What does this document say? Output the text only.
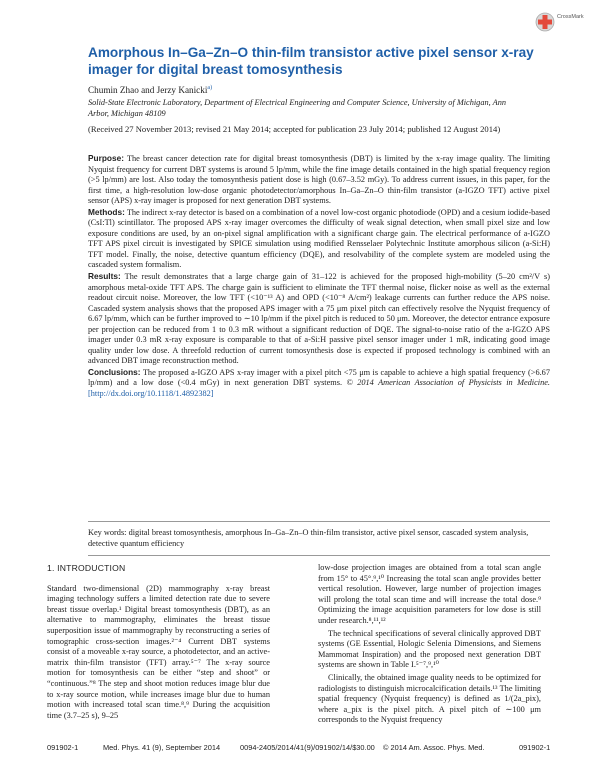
CrossMark
Amorphous In–Ga–Zn–O thin-film transistor active pixel sensor x-ray imager for digital breast tomosynthesis

Chumin Zhao and Jerzy Kanicki$^{a)}$

Solid-State Electronic Laboratory, Department of Electrical Engineering and Computer Science, University of Michigan, Ann Arbor, Michigan 48109

(Received 27 November 2013; revised 21 May 2014; accepted for publication 23 July 2014; published 12 August 2014)

Purpose: The breast cancer detection rate for digital breast tomosynthesis (DBT) is limited by the x-ray image quality. The limiting Nyquist frequency for current DBT systems is around 5 lp/mm, while the fine image details contained in the high spatial frequency region (>5 lp/mm) are lost. Also today the tomosynthesis patient dose is high (0.67–3.52 mGy). To address current issues, in this paper, for the first time, a high-resolution low-dose organic photodetector/amorphous In–Ga–Zn–O thin-film transistor (a-IGZO TFT) active pixel sensor (APS) x-ray imager is proposed for next generation DBT systems.

Methods: The indirect x-ray detector is based on a combination of a novel low-cost organic photodiode (OPD) and a cesium iodide-based (CsI:Tl) scintillator. The proposed APS x-ray imager overcomes the difficulty of weak signal detection, when small pixel size and low exposure conditions are used, by an on-pixel signal amplification with a significant charge gain. The electrical performance of a-IGZO TFT APS pixel circuit is investigated by SPICE simulation using modified Rensselaer Polytechnic Institute amorphous silicon (a-Si:H) TFT model. Finally, the noise, detective quantum efficiency (DQE), and resolvability of the complete system are modeled using the cascaded system formalism.

Results: The result demonstrates that a large charge gain of 31–122 is achieved for the proposed high-mobility (5–20 cm²/V s) amorphous metal-oxide TFT APS. The charge gain is sufficient to eliminate the TFT thermal noise, flicker noise as well as the external readout circuit noise. Moreover, the low TFT (<10⁻¹³ A) and OPD (<10⁻⁸ A/cm²) leakage currents can further reduce the APS noise. Cascaded system analysis shows that the proposed APS imager with a 75 μm pixel pitch can effectively resolve the Nyquist frequency of 6.67 lp/mm, which can be further improved to ∼10 lp/mm if the pixel pitch is reduced to 50 μm. Moreover, the detector entrance exposure per projection can be reduced from 1 to 0.3 mR without a significant reduction of DQE. The signal-to-noise ratio of the a-IGZO APS imager under 0.3 mR x-ray exposure is comparable to that of a-Si:H passive pixel sensor imager under 1 mR, indicating good image quality under low dose. A threefold reduction of current tomosynthesis dose is expected if proposed technology is combined with an advanced DBT image reconstruction method.

Conclusions: The proposed a-IGZO APS x-ray imager with a pixel pitch <75 μm is capable to achieve a high spatial frequency (>6.67 lp/mm) and a low dose (<0.4 mGy) in next generation DBT systems. © 2014 American Association of Physicists in Medicine. [http://dx.doi.org/10.1118/1.4892382]

Key words: digital breast tomosynthesis, amorphous In–Ga–Zn–O thin-film transistor, active pixel sensor, cascaded system analysis, detective quantum efficiency

1. INTRODUCTION

Standard two-dimensional (2D) mammography x-ray breast imaging technology suffers a limited detection rate due to severe breast tissue overlap.¹ Digital breast tomosynthesis (DBT), as an alternative to mammography, eliminates the breast tissue superposition issue of mammography by reconstructing a series of tomographic cross-section images.²⁻⁴ Current DBT systems consist of a moveable x-ray source, a photodetector, and an active-matrix thin-film transistor (TFT) array.⁵⁻⁷ The x-ray source motion for tomosynthesis can be either “step and shoot” or “continuous.”⁸ The step and shoot motion reduces image blur due to x-ray source motion, while increases image blur due to human motion with increased total scan time.⁸,⁹ During the acquisition time (3.7–25 s), 9–25

low-dose projection images are obtained from a total scan angle from 15° to 45°.⁹,¹⁰ Increasing the total scan angle provides better vertical resolution. However, large number of projection images will prolong the total scan time and will increase the total dose.⁹ Optimizing the image acquisition parameters for low dose is still under research.⁸,¹¹,¹²

The technical specifications of several clinically approved DBT systems (GE Essential, Hologic Selenia Dimensions, and Siemens Mammomat Inspiration) and the proposed next generation DBT systems are shown in Table I.⁵⁻⁷,⁹,¹⁰

Clinically, the obtained image quality needs to be optimized for radiologists to distinguish microcalcification details.¹³ The limiting spatial frequency (Nyquist frequency) is defined as 1/(2a_pix), where a_pix is the pixel pitch. A pixel pitch of ∼100 μm corresponds to the Nyquist frequency

091902-1	Med. Phys. 41 (9), September 2014	0094-2405/2014/41(9)/091902/14/$30.00 © 2014 Am. Assoc. Phys. Med.	091902-1
